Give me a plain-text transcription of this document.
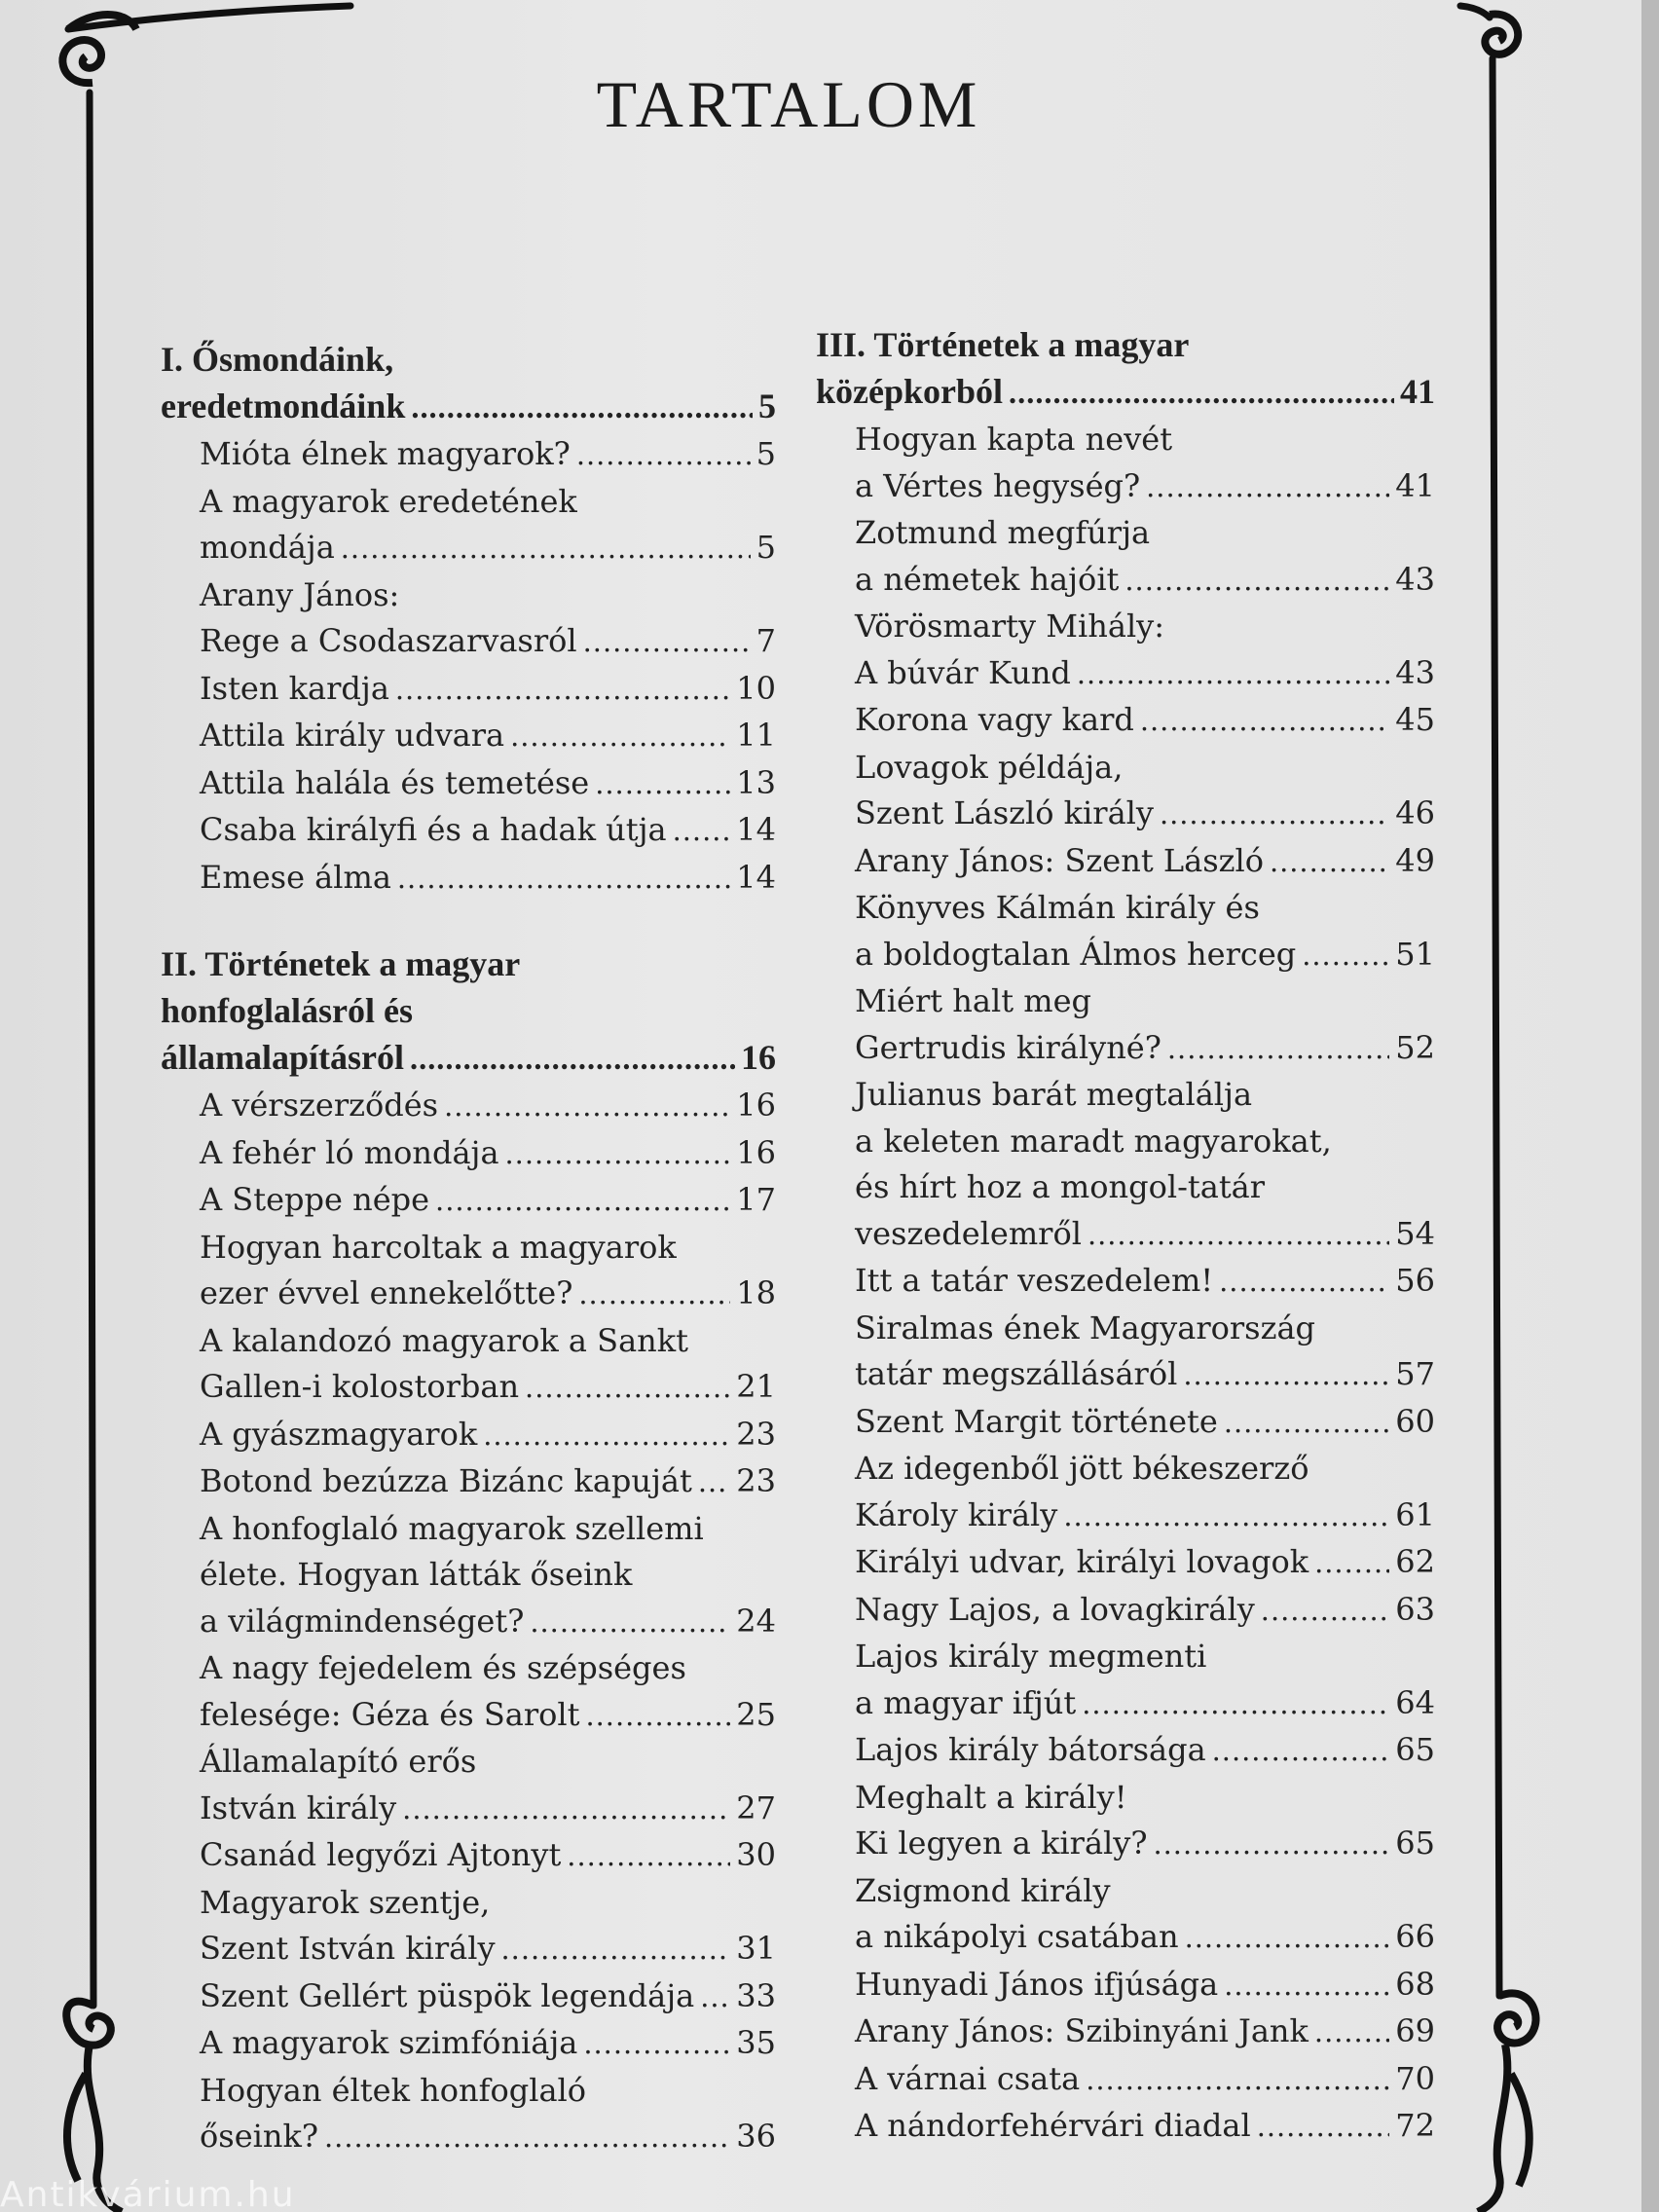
TARTALOM
I. Ősmondáink,
eredetmondáink .....	5
Mióta élnek magyarok? .....	5
A magyarok eredetének
mondája .....	5
Arany János:
Rege a Csodaszarvasról .....	7
Isten kardja .....	10
Attila király udvara .....	11
Attila halála és temetése .....	13
Csaba királyfi és a hadak útja ..... 14
Emese álma .....	14
II. Történetek a magyar
honfoglalásról és
államalapításról .....	16
A vérszerződés .....	16
A fehér ló mondája .....	16
A Steppe népe .....	17
Hogyan harcoltak a magyarok
ezer évvel ennekelőtte? .....	18
A kalandozó magyarok a Sankt
Gallen-i kolostorban .....	21
A gyászmagyarok .....	23
Botond bezúzza Bizánc kapuját ..... 23
A honfoglaló magyarok szellemi
élete. Hogyan látták őseink
a világmindenséget? .....	24
A nagy fejedelem és szépséges
felesége: Géza és Sarolt .....	25
Államalapító erős
István király .....	27
Csanád legyőzi Ajtonyt .....	30
Magyarok szentje,
Szent István király .....	31
Szent Gellért püspök legendája ..... 33
A magyarok szimfóniája .....	35
Hogyan éltek honfoglaló
őseink? .....	36
III. Történetek a magyar
középkorból .....	41
Hogyan kapta nevét
a Vértes hegység? .....	41
Zotmund megfúrja
a németek hajóit .....	43
Vörösmarty Mihály:
A búvár Kund .....	43
Korona vagy kard .....	45
Lovagok példája,
Szent László király .....	46
Arany János: Szent László .....	49
Könyves Kálmán király és
a boldogtalan Álmos herceg .....	51
Miért halt meg
Gertrudis királyné? .....	52
Julianus barát megtalálja
a keleten maradt magyarokat,
és hírt hoz a mongol-tatár
veszedelemről .....	54
Itt a tatár veszedelem! .....	56
Siralmas ének Magyarország
tatár megszállásáról .....	57
Szent Margit története .....	60
Az idegenből jött békeszerző
Károly király .....	61
Királyi udvar, királyi lovagok .....	62
Nagy Lajos, a lovagkirály .....	63
Lajos király megmenti
a magyar ifjút .....	64
Lajos király bátorsága .....	65
Meghalt a király!
Ki legyen a király? .....	65
Zsigmond király
a nikápolyi csatában .....	66
Hunyadi János ifjúsága .....	68
Arany János: Szibinyáni Jank .....	69
A várnai csata .....	70
A nándorfehérvári diadal .....	72
Antikvárium.hu
